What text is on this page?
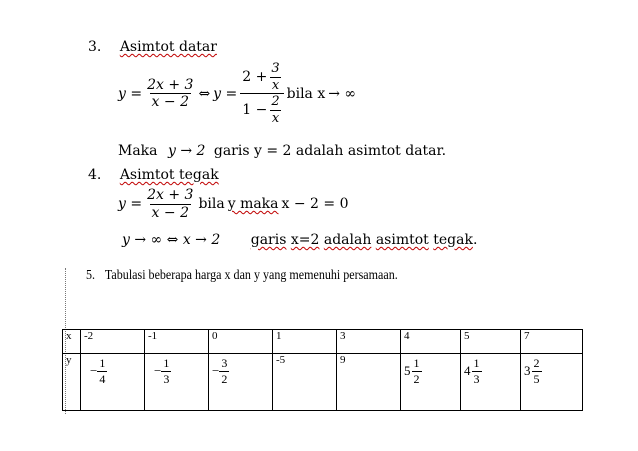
3. Asimtot datar
$y = \frac{2x + 3}{x - 2}$ ⇔ $y = \frac{2 + \frac{3}{x}}{1 - \frac{2}{x}}$ bila x → ∞
Maka y → 2 garis y = 2 adalah asimtot datar.
4. Asimtot tegak
$y = \frac{2x + 3}{x - 2}$ bila y maka x − 2 = 0
y → ∞ ⇔ x → 2 garis x=2 adalah asimtot tegak.
5. Tabulasi beberapa harga x dan y yang memenuhi persamaan.
x	-2	-1	0	1	3	4	5	7
y	− $\frac{1}{4}$	− $\frac{1}{3}$	− $\frac{3}{2}$	-5	9	$5 \frac{1}{2}$	$4 \frac{1}{3}$	$3 \frac{2}{5}$
